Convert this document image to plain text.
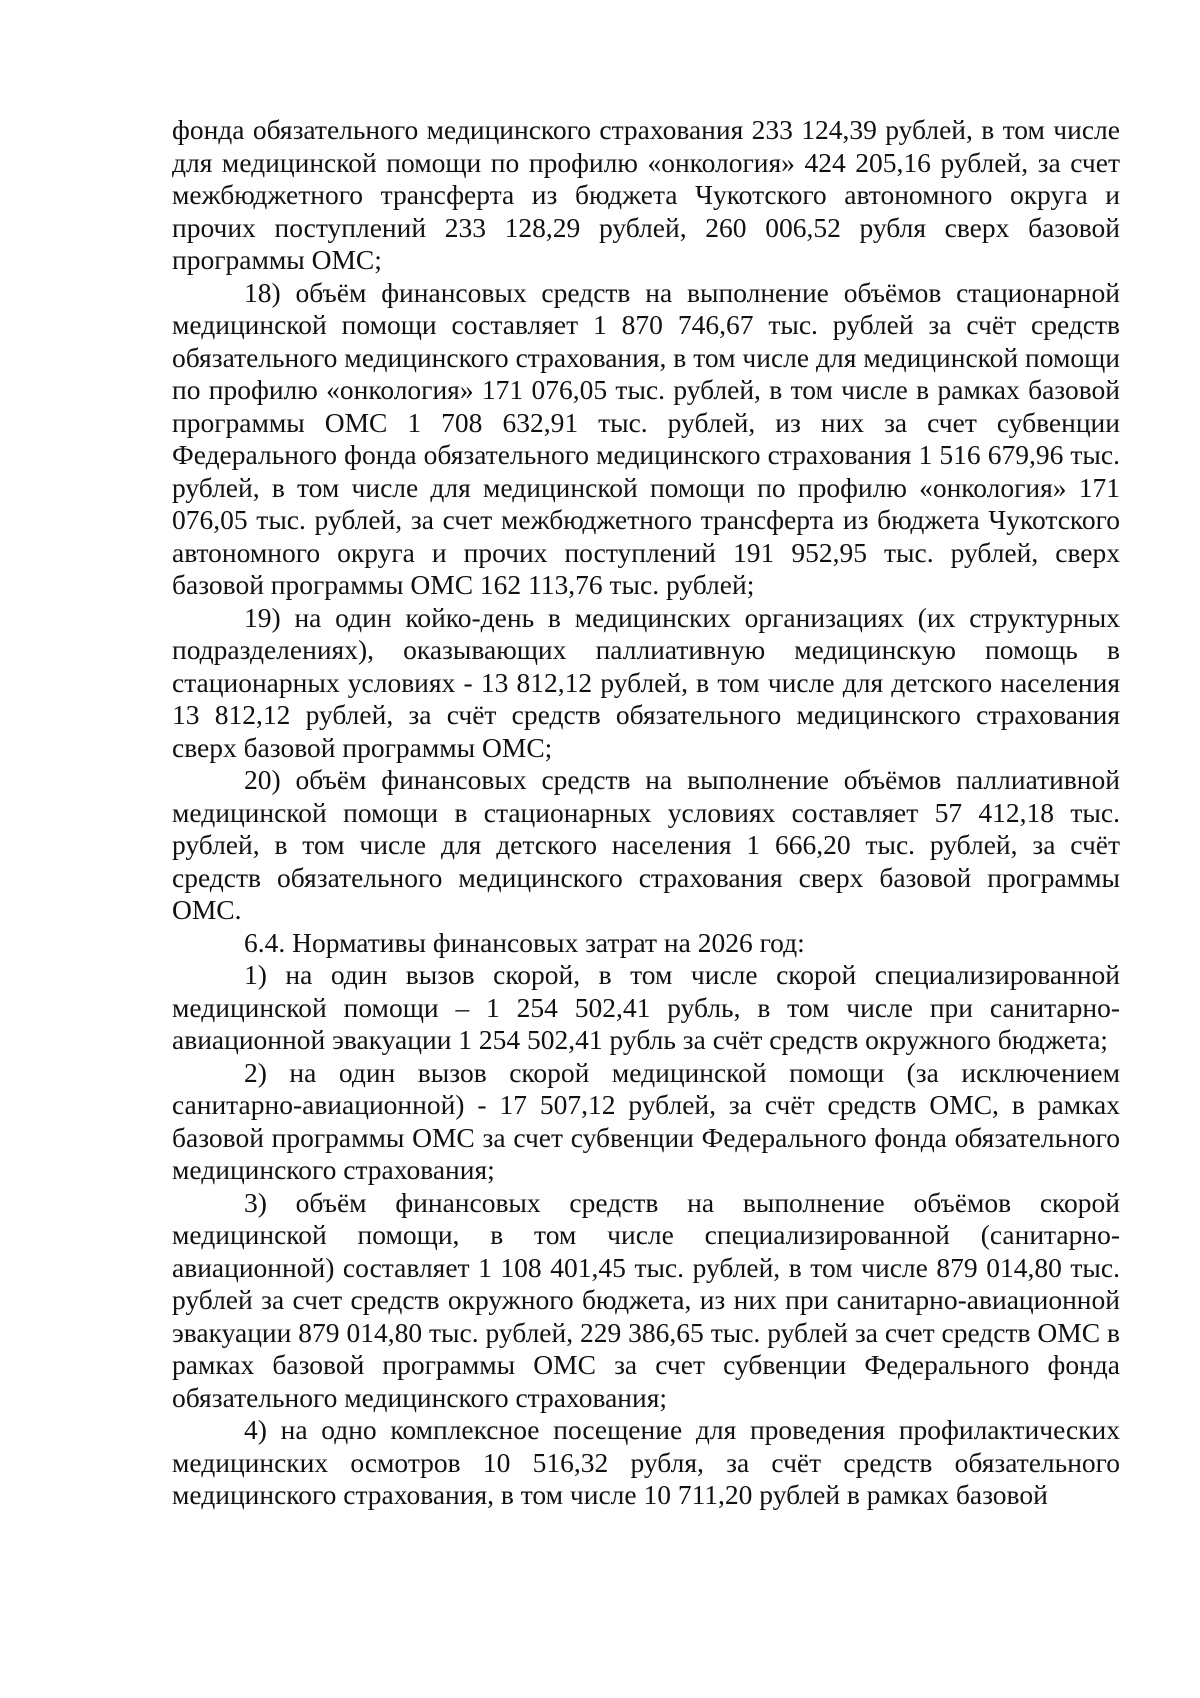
фонда обязательного медицинского страхования 233 124,39 рублей, в том числе для медицинской помощи по профилю «онкология» 424 205,16 рублей, за счет межбюджетного трансферта из бюджета Чукотского автономного округа и прочих поступлений 233 128,29 рублей, 260 006,52 рубля сверх базовой программы ОМС;

18) объём финансовых средств на выполнение объёмов стационарной медицинской помощи составляет 1 870 746,67 тыс. рублей за счёт средств обязательного медицинского страхования, в том числе для медицинской помощи по профилю «онкология» 171 076,05 тыс. рублей, в том числе в рамках базовой программы ОМС 1 708 632,91 тыс. рублей, из них за счет субвенции Федерального фонда обязательного медицинского страхования 1 516 679,96 тыс. рублей, в том числе для медицинской помощи по профилю «онкология» 171 076,05 тыс. рублей, за счет межбюджетного трансферта из бюджета Чукотского автономного округа и прочих поступлений 191 952,95 тыс. рублей, сверх базовой программы ОМС 162 113,76 тыс. рублей;

19) на один койко-день в медицинских организациях (их структурных подразделениях), оказывающих паллиативную медицинскую помощь в стационарных условиях - 13 812,12 рублей, в том числе для детского населения 13 812,12 рублей, за счёт средств обязательного медицинского страхования сверх базовой программы ОМС;

20) объём финансовых средств на выполнение объёмов паллиативной медицинской помощи в стационарных условиях составляет 57 412,18 тыс. рублей, в том числе для детского населения 1 666,20 тыс. рублей, за счёт средств обязательного медицинского страхования сверх базовой программы ОМС.

6.4. Нормативы финансовых затрат на 2026 год:

1) на один вызов скорой, в том числе скорой специализированной медицинской помощи – 1 254 502,41 рубль, в том числе при санитарно-авиационной эвакуации 1 254 502,41 рубль за счёт средств окружного бюджета;

2) на один вызов скорой медицинской помощи (за исключением санитарно-авиационной) - 17 507,12 рублей, за счёт средств ОМС, в рамках базовой программы ОМС за счет субвенции Федерального фонда обязательного медицинского страхования;

3) объём финансовых средств на выполнение объёмов скорой медицинской помощи, в том числе специализированной (санитарно-авиационной) составляет 1 108 401,45 тыс. рублей, в том числе 879 014,80 тыс. рублей за счет средств окружного бюджета, из них при санитарно-авиационной эвакуации 879 014,80 тыс. рублей, 229 386,65 тыс. рублей за счет средств ОМС в рамках базовой программы ОМС за счет субвенции Федерального фонда обязательного медицинского страхования;

4) на одно комплексное посещение для проведения профилактических медицинских осмотров 10 516,32 рубля, за счёт средств обязательного медицинского страхования, в том числе 10 711,20 рублей в рамках базовой
